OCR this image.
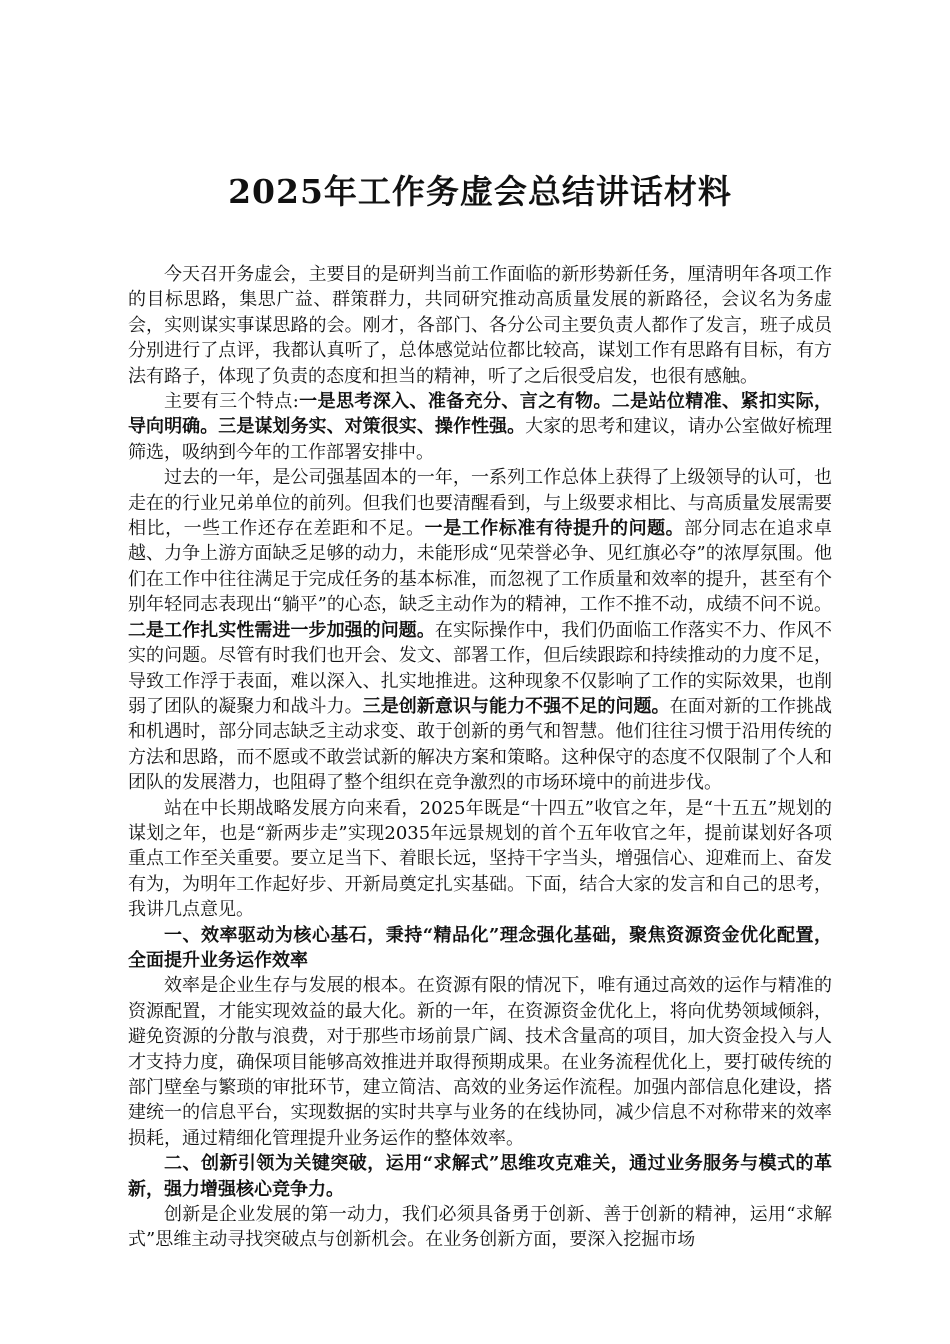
2025年工作务虚会总结讲话材料

今天召开务虚会，主要目的是研判当前工作面临的新形势新任务，厘清明年各项工作的目标思路，集思广益、群策群力，共同研究推动高质量发展的新路径，会议名为务虚会，实则谋实事谋思路的会。刚才，各部门、各分公司主要负责人都作了发言，班子成员分别进行了点评，我都认真听了，总体感觉站位都比较高，谋划工作有思路有目标，有方法有路子，体现了负责的态度和担当的精神，听了之后很受启发，也很有感触。

主要有三个特点:一是思考深入、准备充分、言之有物。二是站位精准、紧扣实际，导向明确。三是谋划务实、对策很实、操作性强。大家的思考和建议，请办公室做好梳理筛选，吸纳到今年的工作部署安排中。

过去的一年，是公司强基固本的一年，一系列工作总体上获得了上级领导的认可，也走在的行业兄弟单位的前列。但我们也要清醒看到，与上级要求相比、与高质量发展需要相比，一些工作还存在差距和不足。一是工作标准有待提升的问题。部分同志在追求卓越、力争上游方面缺乏足够的动力，未能形成“见荣誉必争、见红旗必夺”的浓厚氛围。他们在工作中往往满足于完成任务的基本标准，而忽视了工作质量和效率的提升，甚至有个别年轻同志表现出“躺平”的心态，缺乏主动作为的精神，工作不推不动，成绩不问不说。二是工作扎实性需进一步加强的问题。在实际操作中，我们仍面临工作落实不力、作风不实的问题。尽管有时我们也开会、发文、部署工作，但后续跟踪和持续推动的力度不足，导致工作浮于表面，难以深入、扎实地推进。这种现象不仅影响了工作的实际效果，也削弱了团队的凝聚力和战斗力。三是创新意识与能力不强不足的问题。在面对新的工作挑战和机遇时，部分同志缺乏主动求变、敢于创新的勇气和智慧。他们往往习惯于沿用传统的方法和思路，而不愿或不敢尝试新的解决方案和策略。这种保守的态度不仅限制了个人和团队的发展潜力，也阻碍了整个组织在竞争激烈的市场环境中的前进步伐。

站在中长期战略发展方向来看，2025年既是“十四五”收官之年，是“十五五”规划的谋划之年，也是“新两步走”实现2035年远景规划的首个五年收官之年，提前谋划好各项重点工作至关重要。要立足当下、着眼长远，坚持干字当头，增强信心、迎难而上、奋发有为，为明年工作起好步、开新局奠定扎实基础。下面，结合大家的发言和自己的思考，我讲几点意见。

一、效率驱动为核心基石，秉持“精品化”理念强化基础，聚焦资源资金优化配置，全面提升业务运作效率

效率是企业生存与发展的根本。在资源有限的情况下，唯有通过高效的运作与精准的资源配置，才能实现效益的最大化。新的一年，在资源资金优化上，将向优势领域倾斜，避免资源的分散与浪费，对于那些市场前景广阔、技术含量高的项目，加大资金投入与人才支持力度，确保项目能够高效推进并取得预期成果。在业务流程优化上，要打破传统的部门壁垒与繁琐的审批环节，建立简洁、高效的业务运作流程。加强内部信息化建设，搭建统一的信息平台，实现数据的实时共享与业务的在线协同，减少信息不对称带来的效率损耗，通过精细化管理提升业务运作的整体效率。

二、创新引领为关键突破，运用“求解式”思维攻克难关，通过业务服务与模式的革新，强力增强核心竞争力。

创新是企业发展的第一动力，我们必须具备勇于创新、善于创新的精神，运用“求解式”思维主动寻找突破点与创新机会。在业务创新方面，要深入挖掘市场
